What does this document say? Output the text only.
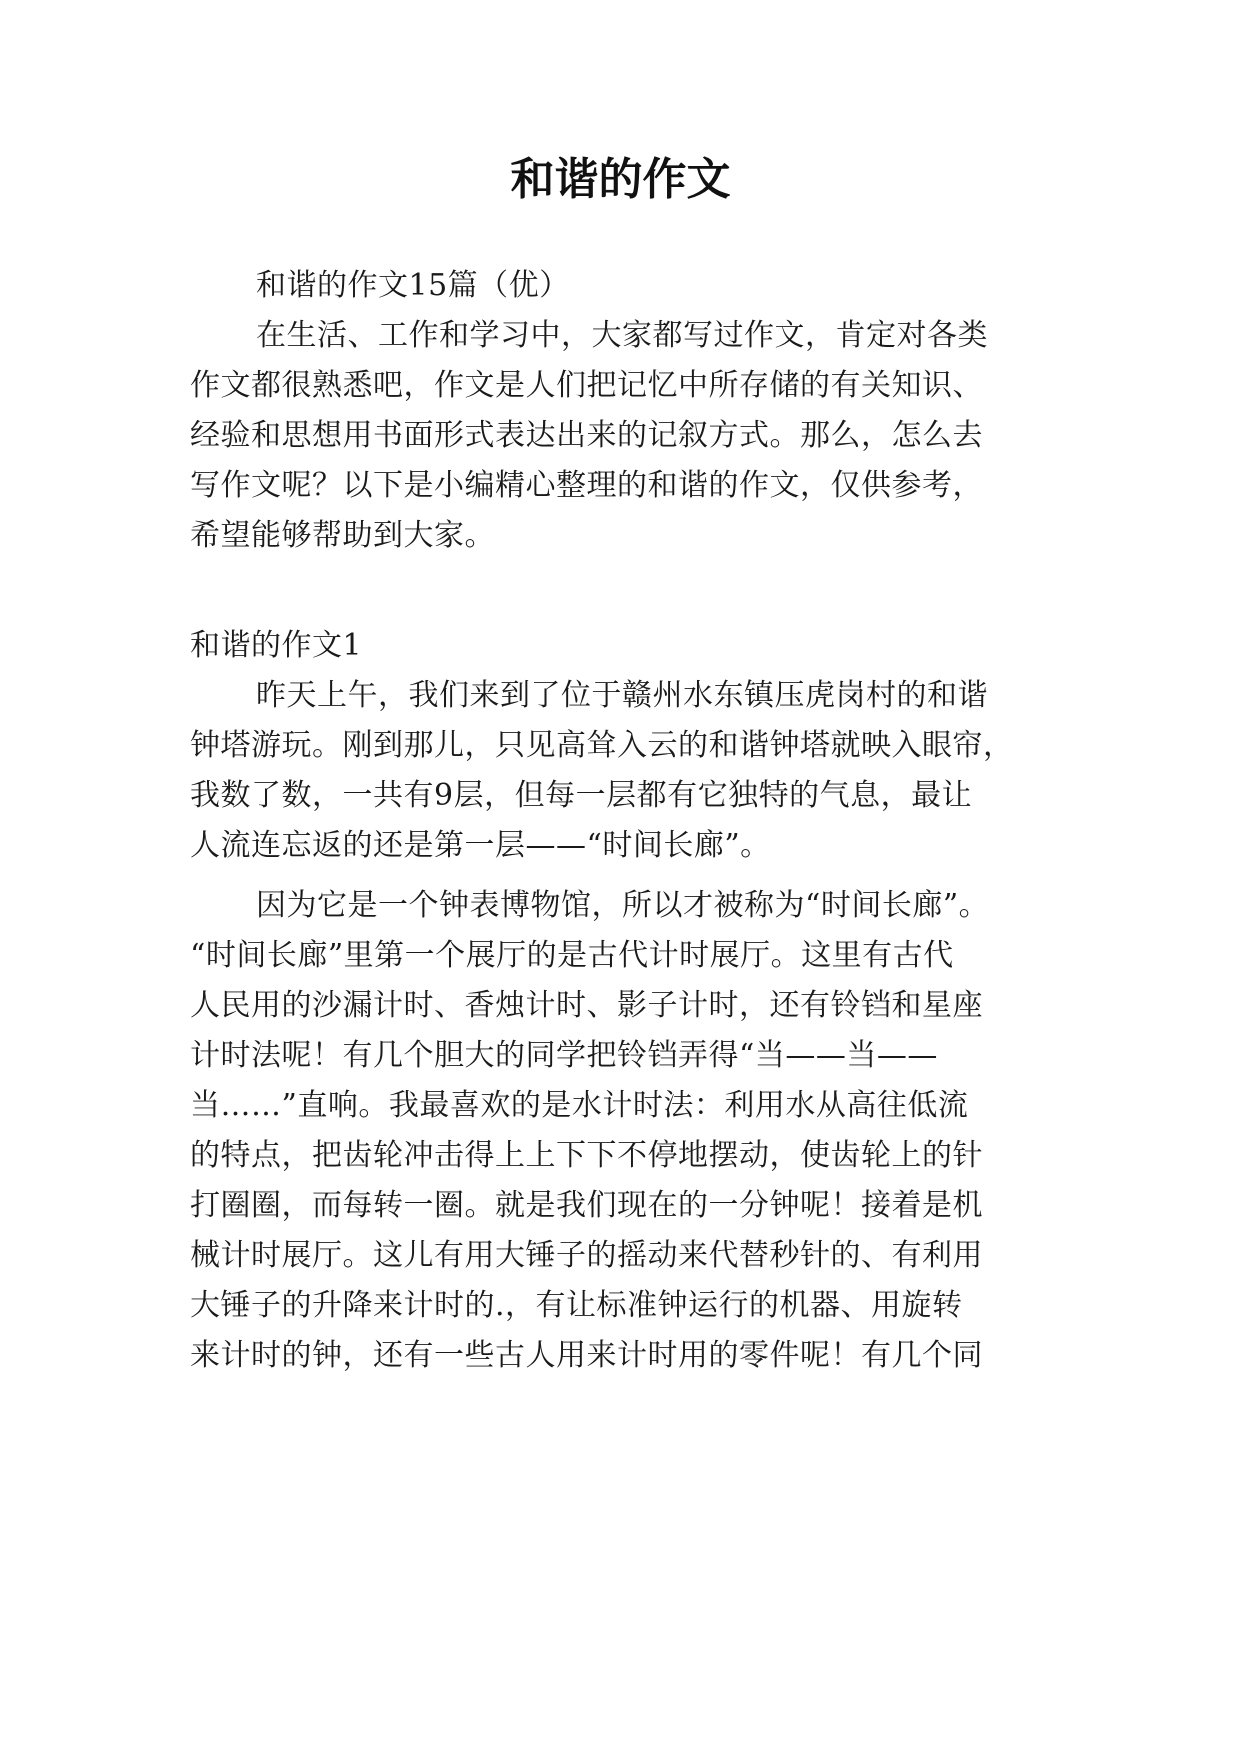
和谐的作文
和谐的作文15篇（优）
在生活、工作和学习中，大家都写过作文，肯定对各类
作文都很熟悉吧，作文是人们把记忆中所存储的有关知识、
经验和思想用书面形式表达出来的记叙方式。那么，怎么去
写作文呢？以下是小编精心整理的和谐的作文，仅供参考，
希望能够帮助到大家。
和谐的作文1
昨天上午，我们来到了位于赣州水东镇压虎岗村的和谐
钟塔游玩。刚到那儿，只见高耸入云的和谐钟塔就映入眼帘，
我数了数，一共有9层，但每一层都有它独特的气息，最让
人流连忘返的还是第一层——“时间长廊”。
因为它是一个钟表博物馆，所以才被称为“时间长廊”。
“时间长廊”里第一个展厅的是古代计时展厅。这里有古代
人民用的沙漏计时、香烛计时、影子计时，还有铃铛和星座
计时法呢！有几个胆大的同学把铃铛弄得“当——当——
当……”直响。我最喜欢的是水计时法：利用水从高往低流
的特点，把齿轮冲击得上上下下不停地摆动，使齿轮上的针
打圈圈，而每转一圈。就是我们现在的一分钟呢！接着是机
械计时展厅。这儿有用大锤子的摇动来代替秒针的、有利用
大锤子的升降来计时的.，有让标准钟运行的机器、用旋转
来计时的钟，还有一些古人用来计时用的零件呢！有几个同
